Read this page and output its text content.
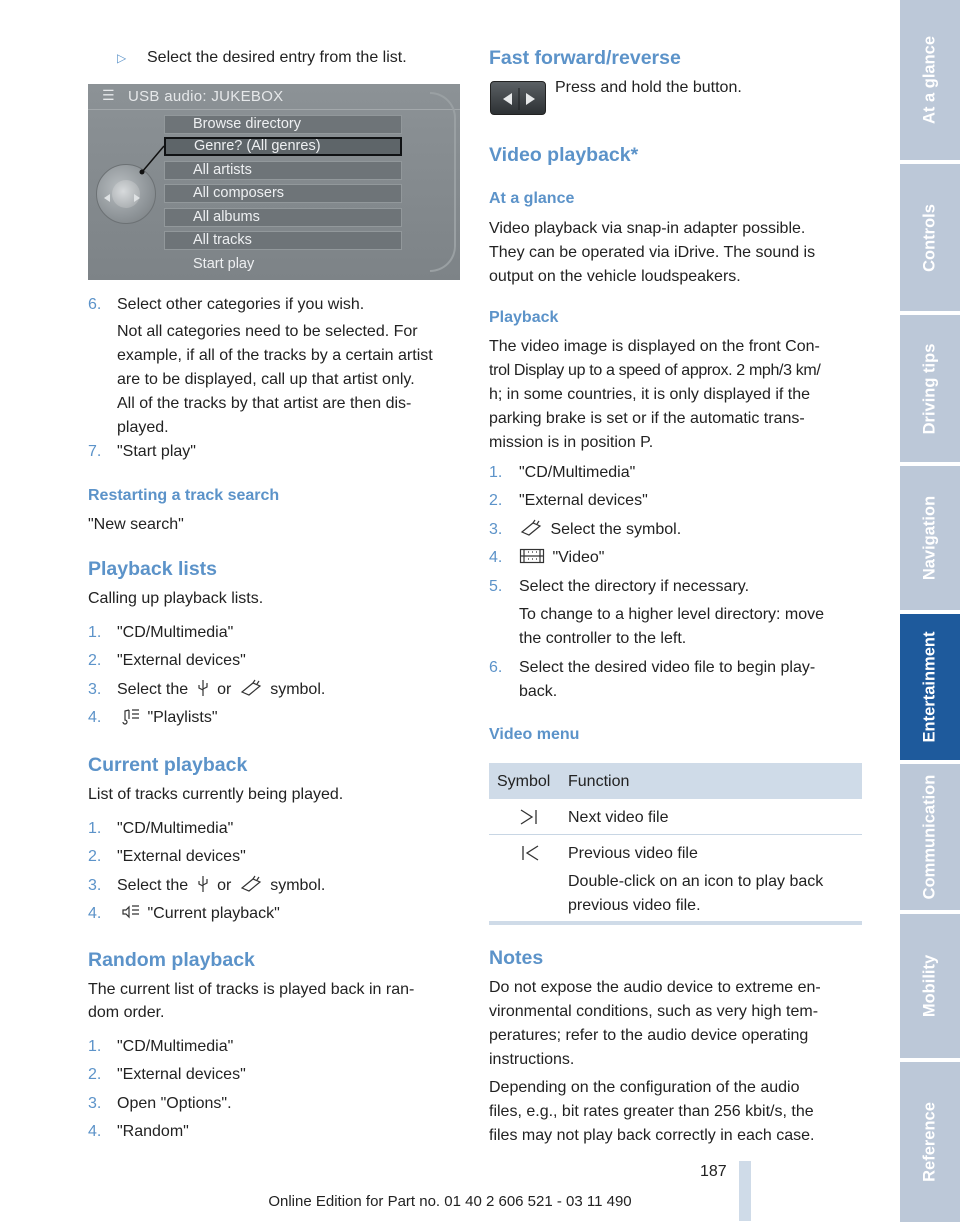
▷ Select the desired entry from the list.
☰ USB audio: JUKEBOX
Browse directory
Genre? (All genres)
All artists
All composers
All albums
All tracks
Start play
6. Select other categories if you wish.
Not all categories need to be selected. For
example, if all of the tracks by a certain artist
are to be displayed, call up that artist only.
All of the tracks by that artist are then dis-
played.
7. "Start play"
Restarting a track search
"New search"
Playback lists
Calling up playback lists.
1. "CD/Multimedia"
2. "External devices"
3. Select the or symbol.
4.	"Playlists"
Current playback
List of tracks currently being played.
1. "CD/Multimedia"
2. "External devices"
3. Select the or symbol.
4.	"Current playback"
Random playback
The current list of tracks is played back in ran-
dom order.
1. "CD/Multimedia"
2. "External devices"
3. Open "Options".
4. "Random"
Fast forward/reverse
Press and hold the button.
Video playback*
At a glance
Video playback via snap-in adapter possible.
They can be operated via iDrive. The sound is
output on the vehicle loudspeakers.
Playback
The video image is displayed on the front Con-
trol Display up to a speed of approx. 2 mph/3 km/
h; in some countries, it is only displayed if the
parking brake is set or if the automatic trans-
mission is in position P.
1. "CD/Multimedia"
2. "External devices"
3.	Select the symbol.
4.	"Video"
5. Select the directory if necessary.
To change to a higher level directory: move
the controller to the left.
6. Select the desired video file to begin play-
back.
Video menu
Symbol Function
Next video file
Previous video file
Double-click on an icon to play back
previous video file.
Notes
Do not expose the audio device to extreme en-
vironmental conditions, such as very high tem-
peratures; refer to the audio device operating
instructions.
Depending on the configuration of the audio
files, e.g., bit rates greater than 256 kbit/s, the
files may not play back correctly in each case.
At a glance
Controls
Driving tips
Navigation
Entertainment
Communication
Mobility
Reference
187
Online Edition for Part no. 01 40 2 606 521 - 03 11 490
